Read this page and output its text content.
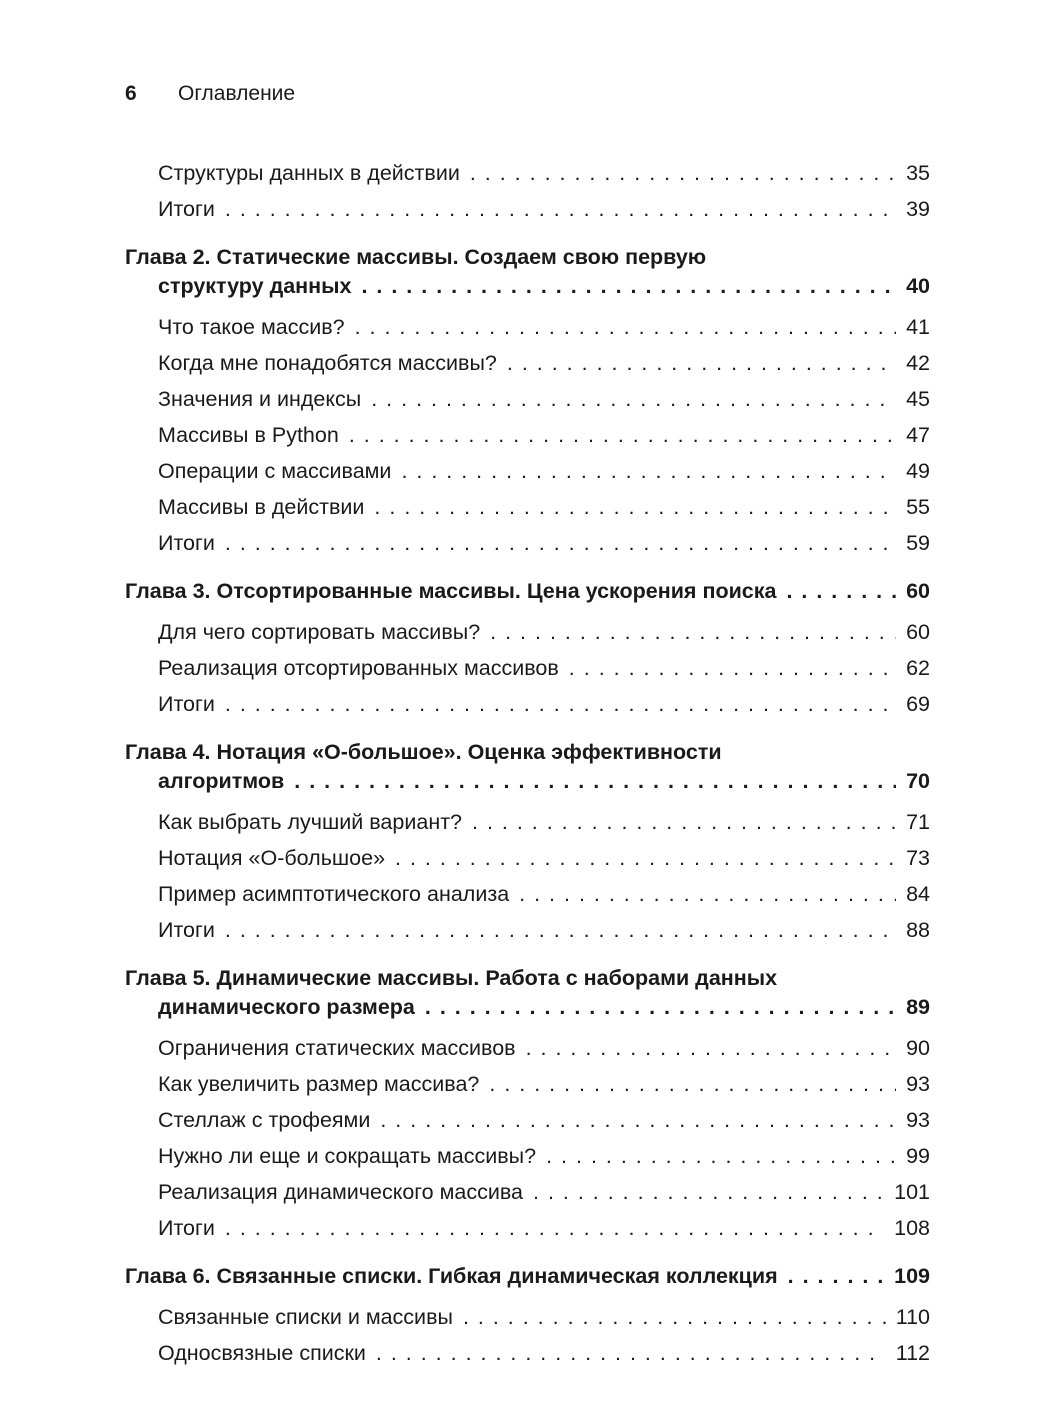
6	Оглавление
Структуры данных в действии . . .	35
Итоги . . .	39
Глава 2. Статические массивы. Создаем свою первую
структуру данных . . .	40
Что такое массив? . . .	41
Когда мне понадобятся массивы? . . .	42
Значения и индексы . . .	45
Массивы в Python . . .	47
Операции с массивами . . .	49
Массивы в действии . . .	55
Итоги . . .	59
Глава 3. Отсортированные массивы. Цена ускорения поиска . . .	60
Для чего сортировать массивы? . . .	60
Реализация отсортированных массивов . . .	62
Итоги . . .	69
Глава 4. Нотация «О-большое». Оценка эффективности
алгоритмов . . .	70
Как выбрать лучший вариант? . . .	71
Нотация «О-большое» . . .	73
Пример асимптотического анализа . . .	84
Итоги . . .	88
Глава 5. Динамические массивы. Работа с наборами данных
динамического размера . . .	89
Ограничения статических массивов . . .	90
Как увеличить размер массива? . . .	93
Стеллаж с трофеями . . .	93
Нужно ли еще и сокращать массивы? . . .	99
Реализация динамического массива . . .	101
Итоги . . .	108
Глава 6. Связанные списки. Гибкая динамическая коллекция . . .	109
Связанные списки и массивы . . .	110
Односвязные списки . . .	112
